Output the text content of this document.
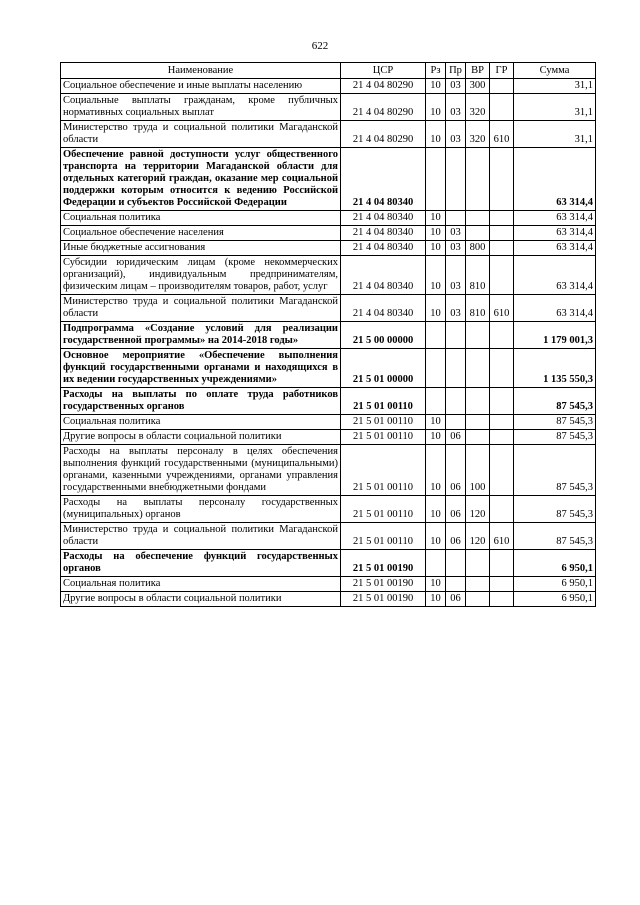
622
Наименование	ЦСР	Рз	Пр	ВР	ГР	Сумма
Социальное обеспечение и иные выплаты населению	21 4 04 80290	10	03	300		31,1
Социальные выплаты гражданам, кроме публичных нормативных социальных выплат	21 4 04 80290	10	03	320		31,1
Министерство труда и социальной политики Магаданской области	21 4 04 80290	10	03	320	610	31,1
Обеспечение равной доступности услуг общественного транспорта на территории Магаданской области для отдельных категорий граждан, оказание мер социальной поддержки которым относится к ведению Российской Федерации и субъектов Российской Федерации	21 4 04 80340					63 314,4
Социальная политика	21 4 04 80340	10				63 314,4
Социальное обеспечение населения	21 4 04 80340	10	03			63 314,4
Иные бюджетные ассигнования	21 4 04 80340	10	03	800		63 314,4
Субсидии юридическим лицам (кроме некоммерческих организаций), индивидуальным предпринимателям, физическим лицам – производителям товаров, работ, услуг	21 4 04 80340	10	03	810		63 314,4
Министерство труда и социальной политики Магаданской области	21 4 04 80340	10	03	810	610	63 314,4
Подпрограмма «Создание условий для реализации государственной программы» на 2014-2018 годы»	21 5 00 00000					1 179 001,3
Основное мероприятие «Обеспечение выполнения функций государственными органами и находящихся в их ведении государственных учреждениями»	21 5 01 00000					1 135 550,3
Расходы на выплаты по оплате труда работников государственных органов	21 5 01 00110					87 545,3
Социальная политика	21 5 01 00110	10				87 545,3
Другие вопросы в области социальной политики	21 5 01 00110	10	06			87 545,3
Расходы на выплаты персоналу в целях обеспечения выполнения функций государственными (муниципальными) органами, казенными учреждениями, органами управления государственными внебюджетными фондами	21 5 01 00110	10	06	100		87 545,3
Расходы на выплаты персоналу государственных (муниципальных) органов	21 5 01 00110	10	06	120		87 545,3
Министерство труда и социальной политики Магаданской области	21 5 01 00110	10	06	120	610	87 545,3
Расходы на обеспечение функций государственных органов	21 5 01 00190					6 950,1
Социальная политика	21 5 01 00190	10				6 950,1
Другие вопросы в области социальной политики	21 5 01 00190	10	06			6 950,1
